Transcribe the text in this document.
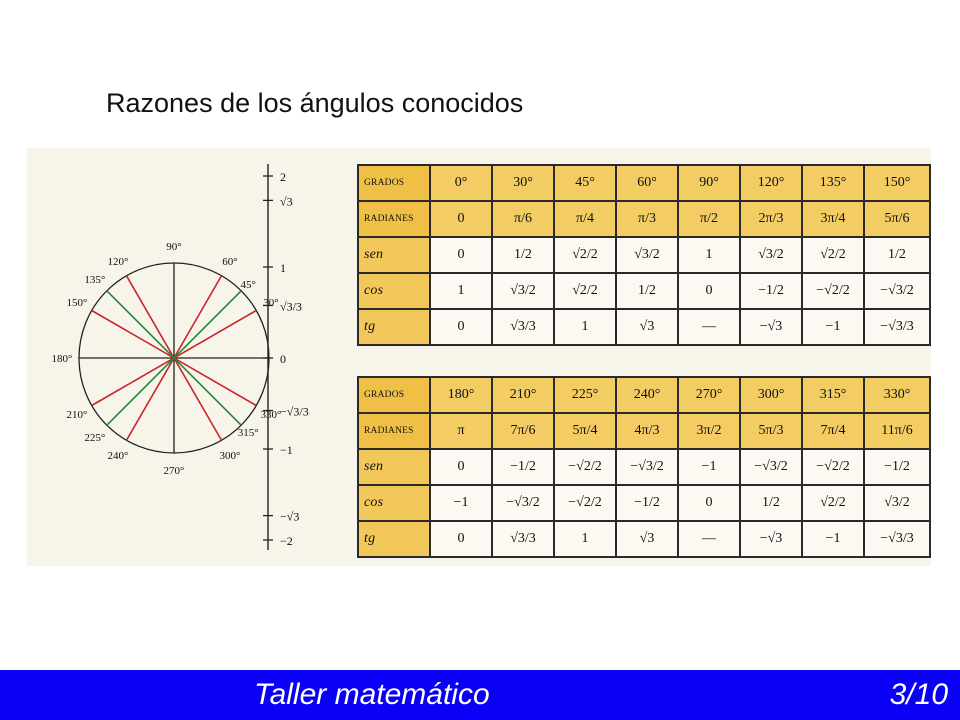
Razones de los ángulos conocidos
30°
45°
60°
90°
120°
135°
150°
180°
210°
225°
240°
270°
300°
315°
330°
2
√3
1
√3/3
0
−√3/3
−1
−√3
−2
GRADOS	0°	30°	45°	60°	90°	120°	135°	150°
RADIANES	0	π/6	π/4	π/3	π/2	2π/3	3π/4	5π/6
sen	0	1/2	√2/2	√3/2	1	√3/2	√2/2	1/2
cos	1	√3/2	√2/2	1/2	0	−1/2	−√2/2	−√3/2
tg	0	√3/3	1	√3	—	−√3	−1	−√3/3
GRADOS	180°	210°	225°	240°	270°	300°	315°	330°
RADIANES	π	7π/6	5π/4	4π/3	3π/2	5π/3	7π/4	11π/6
sen	0	−1/2	−√2/2	−√3/2	−1	−√3/2	−√2/2	−1/2
cos	−1	−√3/2	−√2/2	−1/2	0	1/2	√2/2	√3/2
tg	0	√3/3	1	√3	—	−√3	−1	−√3/3
Taller matemático	3/10
